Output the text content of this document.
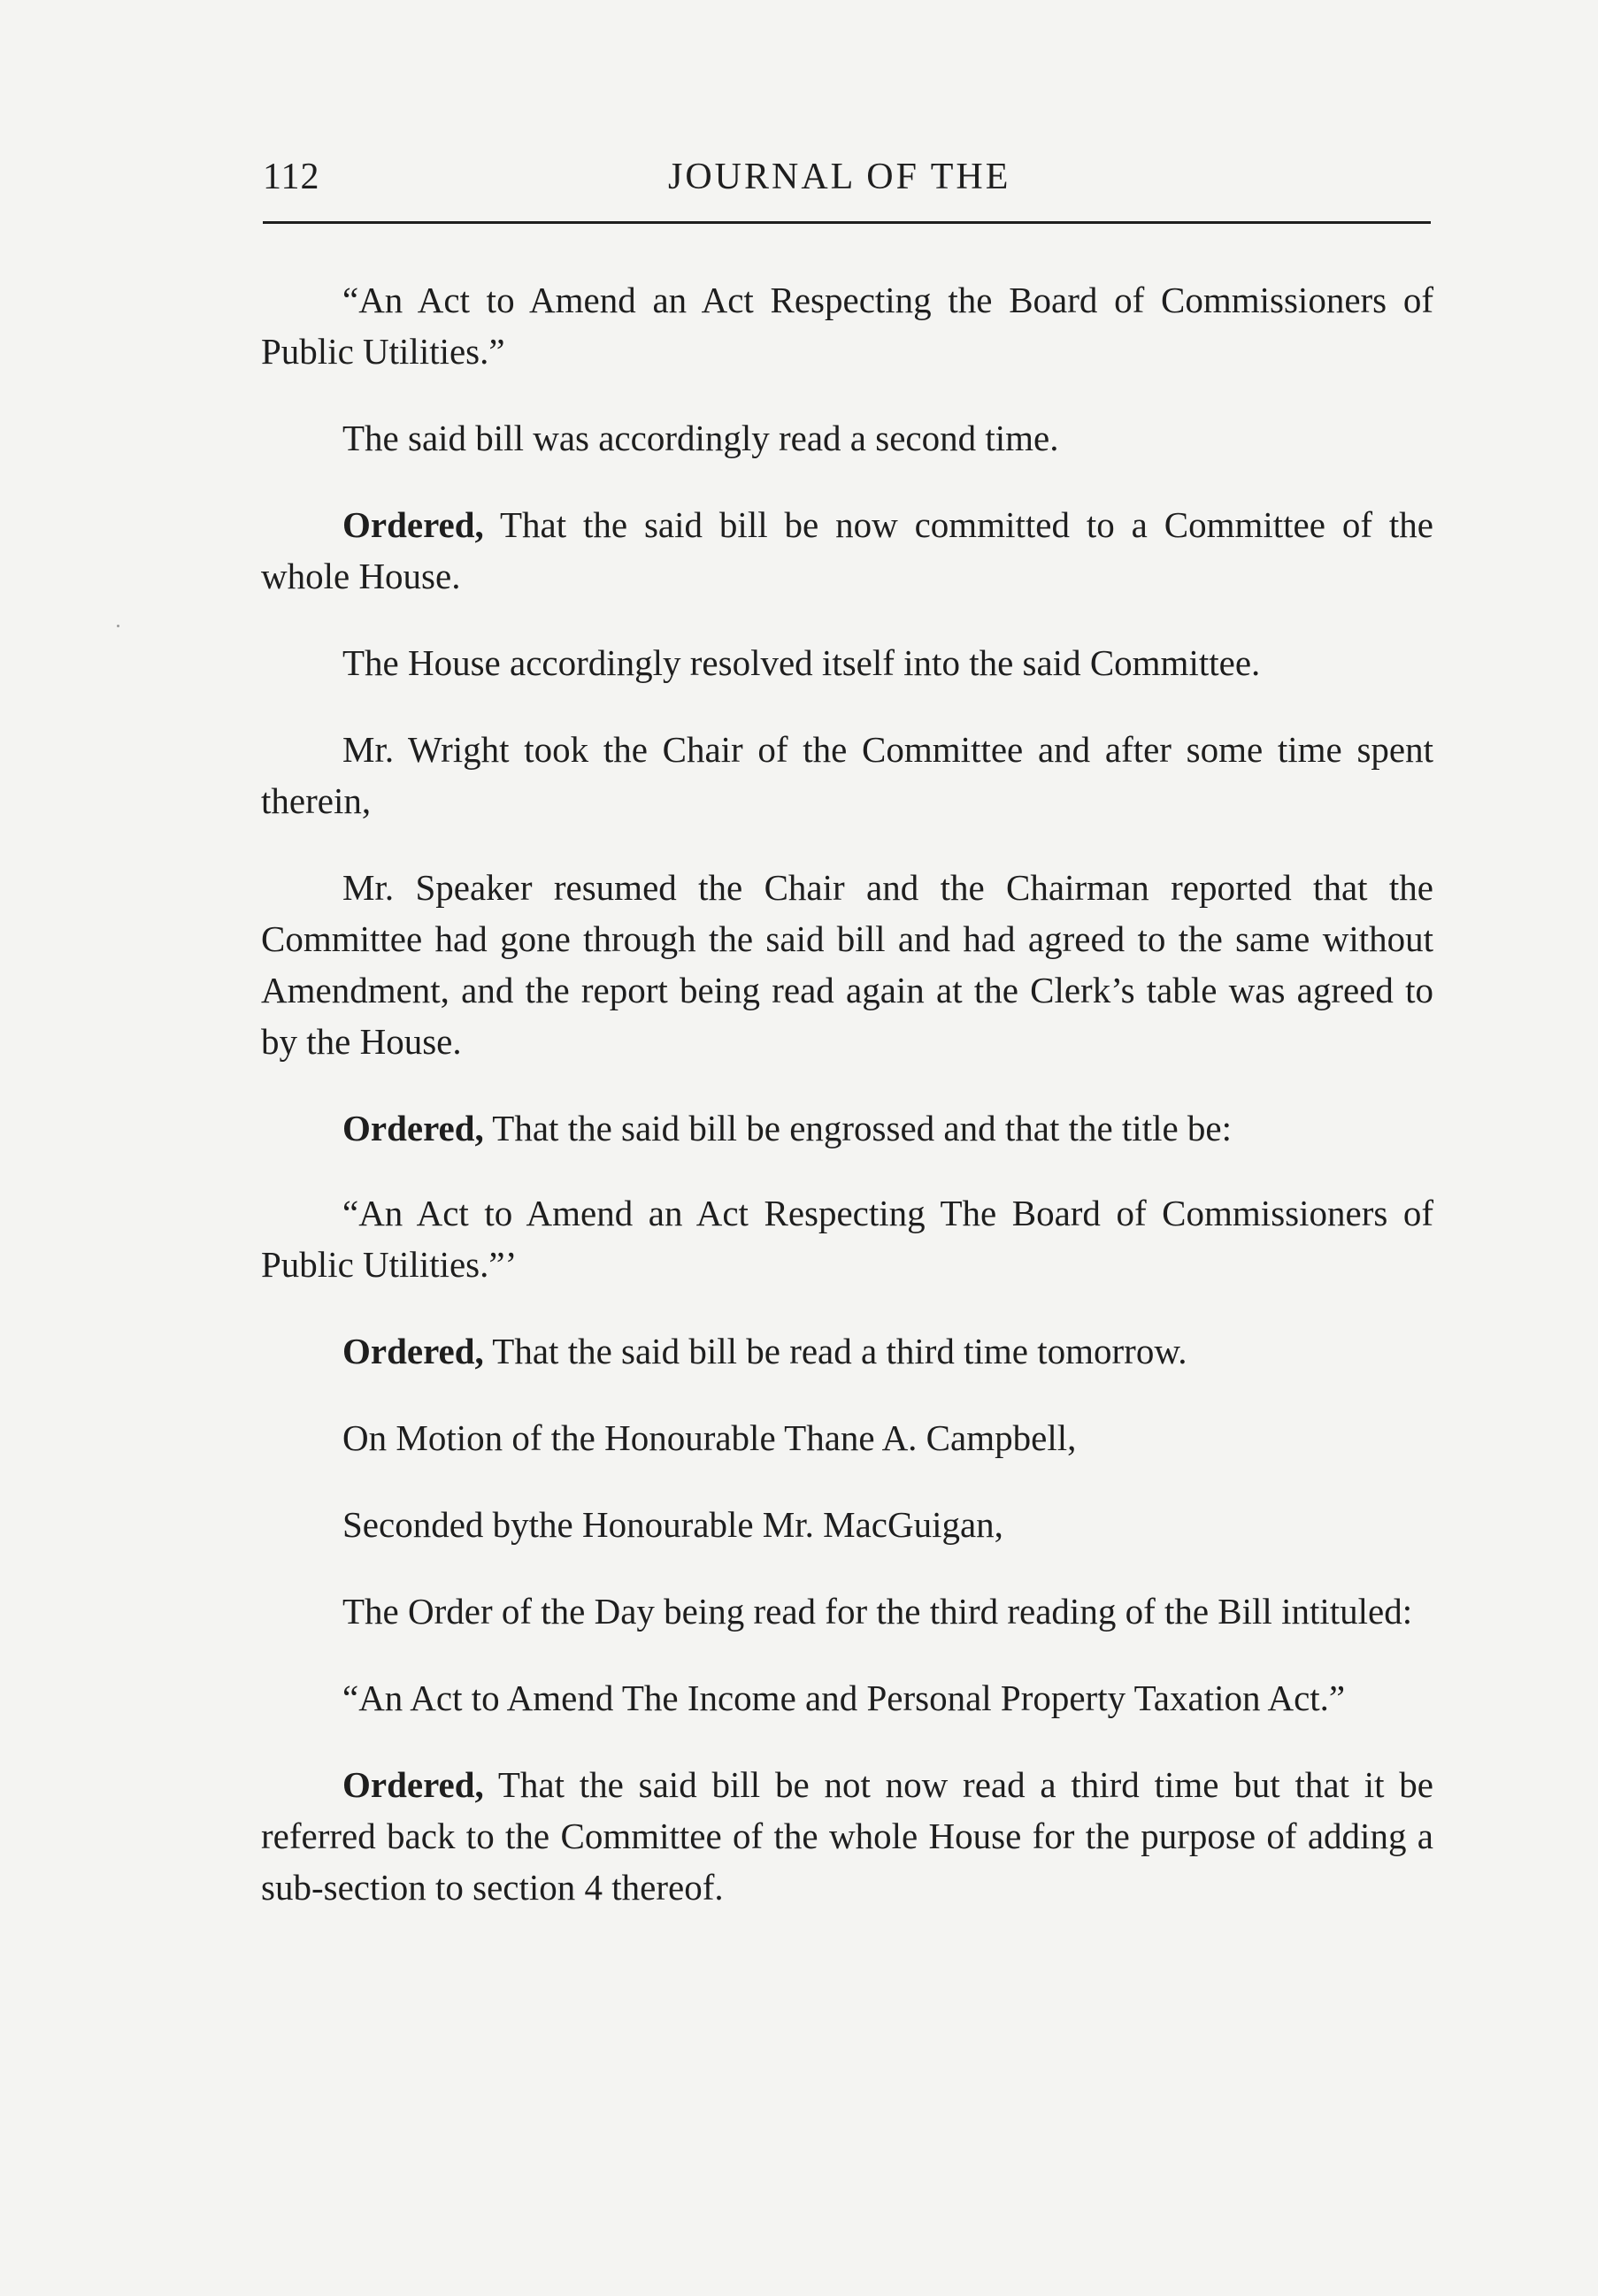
112	JOURNAL OF THE

“An Act to Amend an Act Respecting the Board of Commissioners of Public Utilities.”

The said bill was accordingly read a second time.

Ordered, That the said bill be now committed to a Committee of the whole House.

The House accordingly resolved itself into the said Committee.

Mr. Wright took the Chair of the Committee and after some time spent therein,

Mr. Speaker resumed the Chair and the Chairman reported that the Committee had gone through the said bill and had agreed to the same without Amendment, and the report being read again at the Clerk’s table was agreed to by the House.

Ordered, That the said bill be engrossed and that the title be:

“An Act to Amend an Act Respecting The Board of Commissioners of Public Utilities.”’

Ordered, That the said bill be read a third time tomorrow.

On Motion of the Honourable Thane A. Campbell,

Seconded bythe Honourable Mr. MacGuigan,

The Order of the Day being read for the third reading of the Bill intituled:

“An Act to Amend The Income and Personal Property Taxation Act.”

Ordered, That the said bill be not now read a third time but that it be referred back to the Committee of the whole House for the purpose of adding a sub-section to section 4 thereof.
